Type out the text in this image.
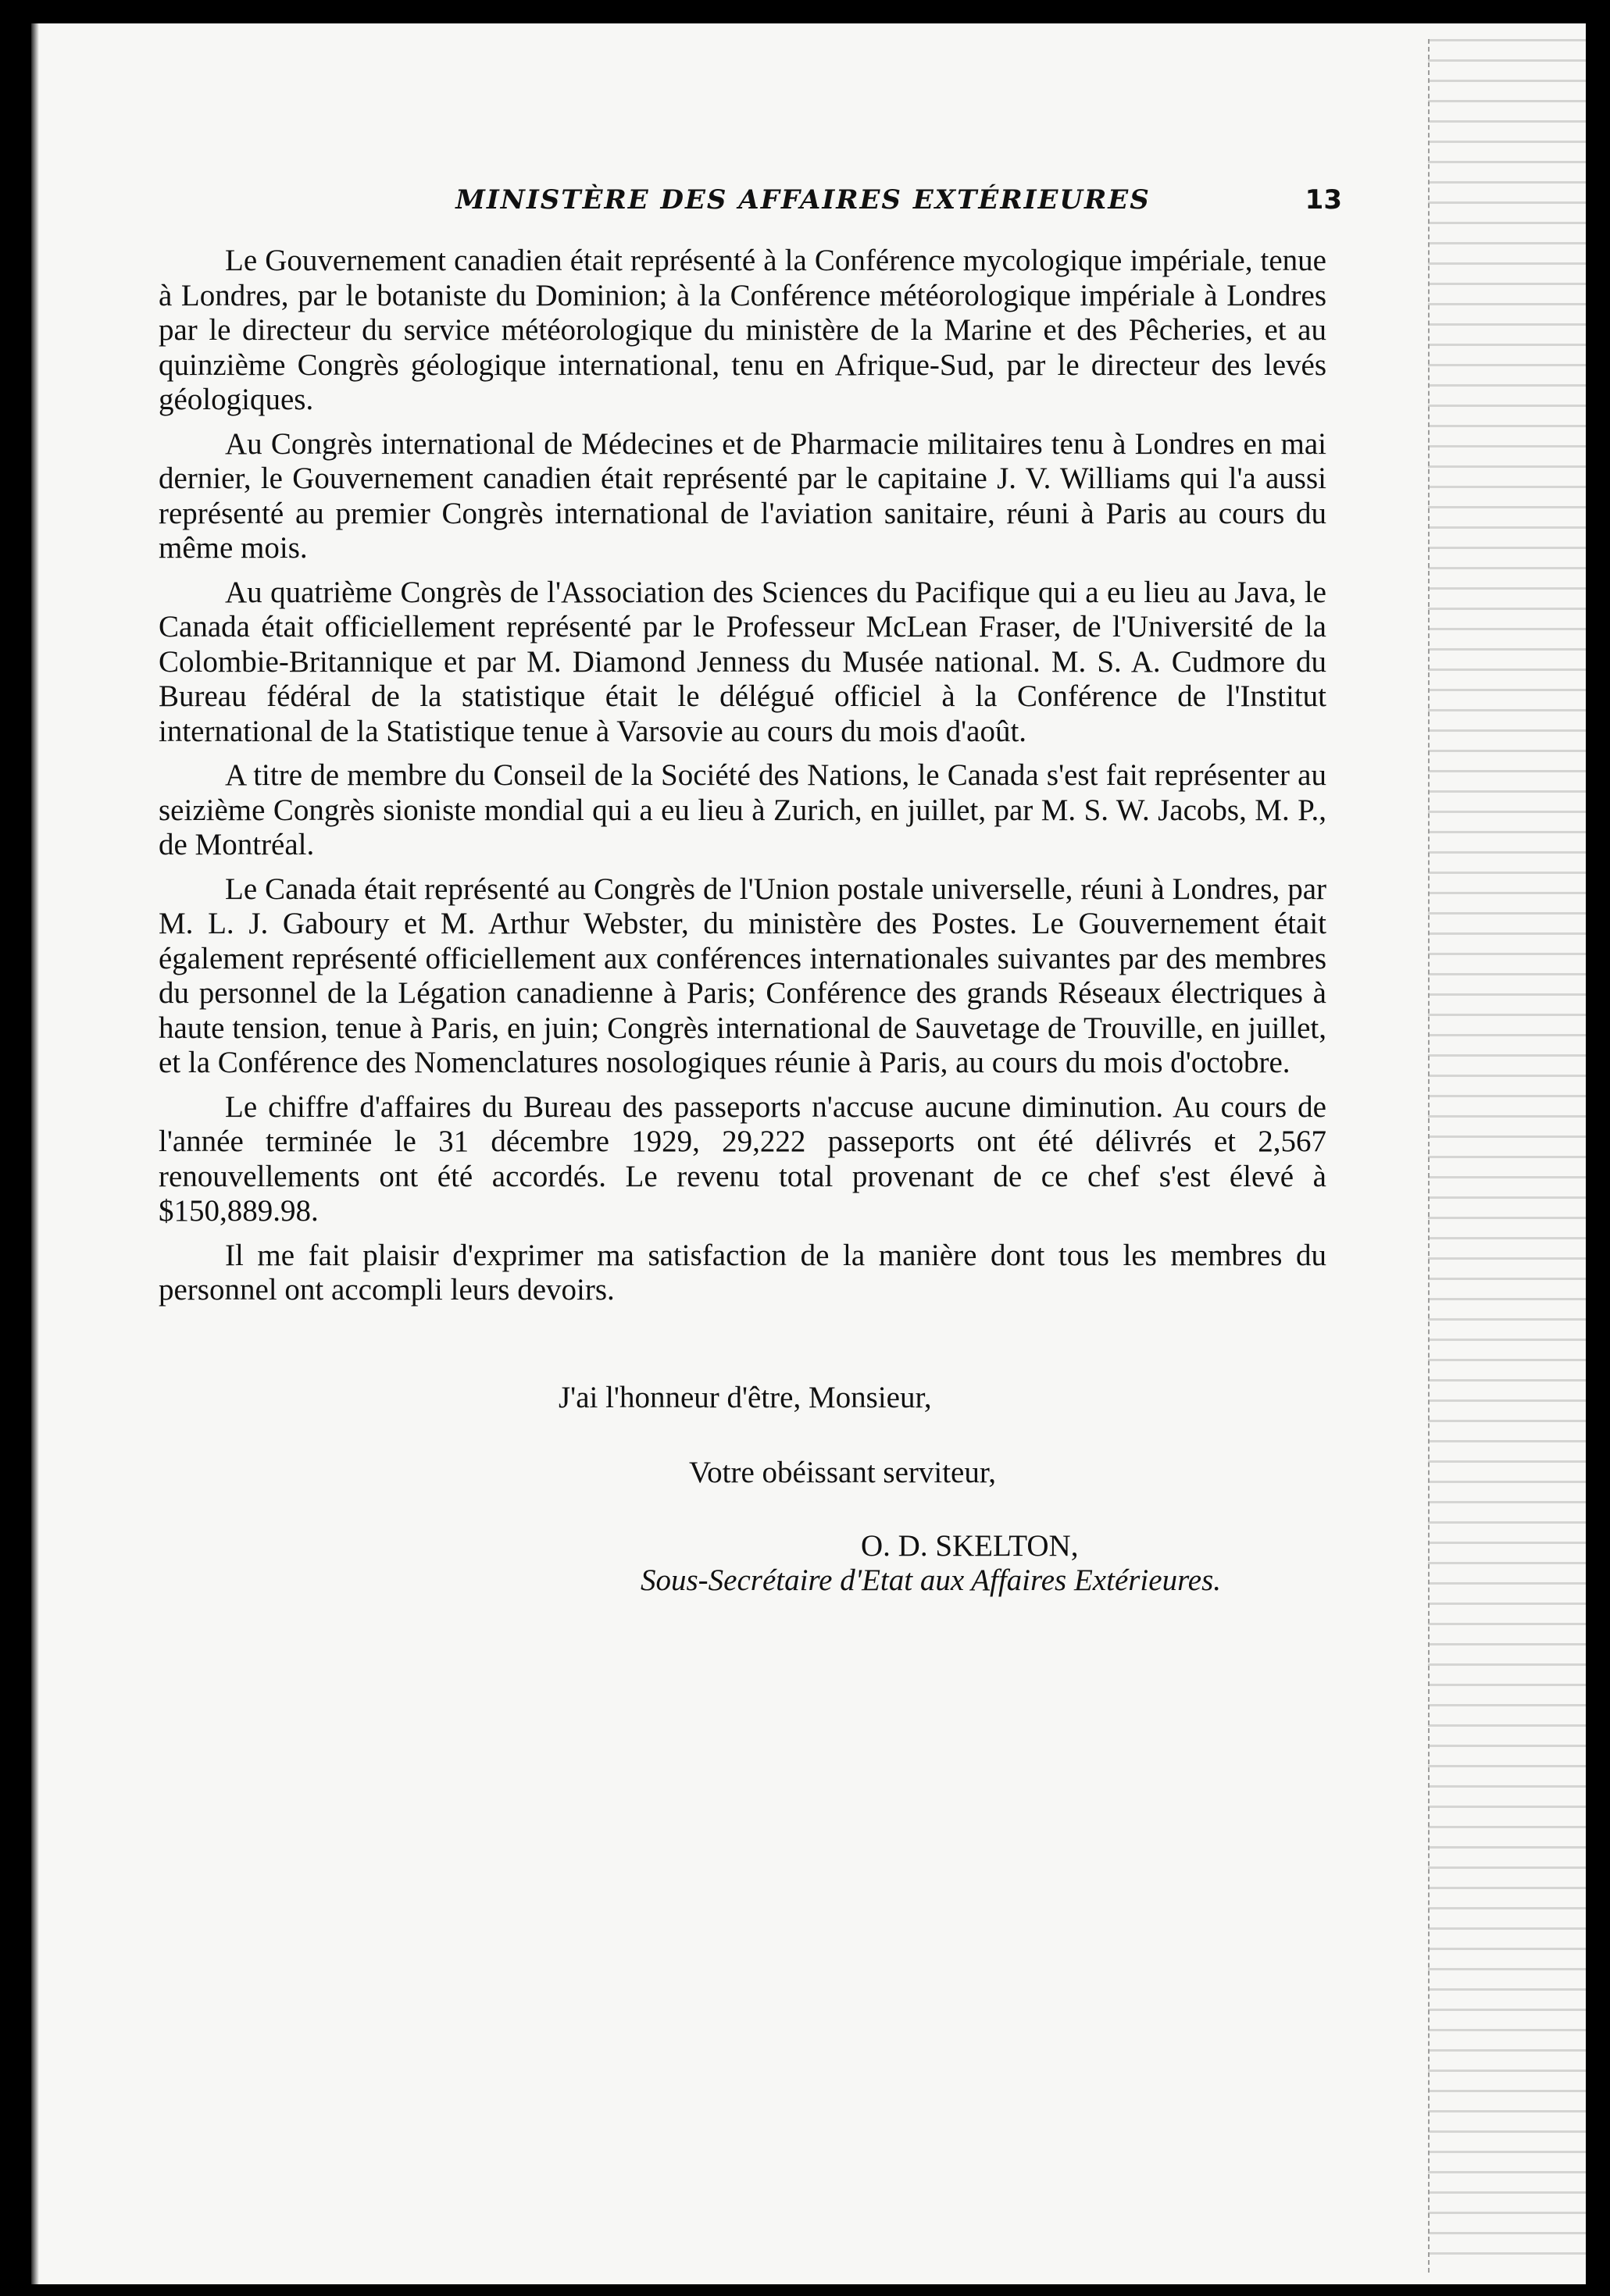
MINISTÈRE DES AFFAIRES EXTÉRIEURES	13

Le Gouvernement canadien était représenté à la Conférence mycologique impériale, tenue à Londres, par le botaniste du Dominion; à la Conférence météorologique impériale à Londres par le directeur du service météorologique du ministère de la Marine et des Pêcheries, et au quinzième Congrès géologique international, tenu en Afrique-Sud, par le directeur des levés géologiques.

Au Congrès international de Médecines et de Pharmacie militaires tenu à Londres en mai dernier, le Gouvernement canadien était représenté par le capitaine J. V. Williams qui l'a aussi représenté au premier Congrès international de l'aviation sanitaire, réuni à Paris au cours du même mois.

Au quatrième Congrès de l'Association des Sciences du Pacifique qui a eu lieu au Java, le Canada était officiellement représenté par le Professeur McLean Fraser, de l'Université de la Colombie-Britannique et par M. Diamond Jenness du Musée national. M. S. A. Cudmore du Bureau fédéral de la statistique était le délégué officiel à la Conférence de l'Institut international de la Statistique tenue à Varsovie au cours du mois d'août.

A titre de membre du Conseil de la Société des Nations, le Canada s'est fait représenter au seizième Congrès sioniste mondial qui a eu lieu à Zurich, en juillet, par M. S. W. Jacobs, M. P., de Montréal.

Le Canada était représenté au Congrès de l'Union postale universelle, réuni à Londres, par M. L. J. Gaboury et M. Arthur Webster, du ministère des Postes. Le Gouvernement était également représenté officiellement aux conférences internationales suivantes par des membres du personnel de la Légation canadienne à Paris; Conférence des grands Réseaux électriques à haute tension, tenue à Paris, en juin; Congrès international de Sauvetage de Trouville, en juillet, et la Conférence des Nomenclatures nosologiques réunie à Paris, au cours du mois d'octobre.

Le chiffre d'affaires du Bureau des passeports n'accuse aucune diminution. Au cours de l'année terminée le 31 décembre 1929, 29,222 passeports ont été délivrés et 2,567 renouvellements ont été accordés. Le revenu total provenant de ce chef s'est élevé à $150,889.98.

Il me fait plaisir d'exprimer ma satisfaction de la manière dont tous les membres du personnel ont accompli leurs devoirs.

J'ai l'honneur d'être, Monsieur,
Votre obéissant serviteur,
O. D. SKELTON,
Sous-Secrétaire d'Etat aux Affaires Extérieures.
